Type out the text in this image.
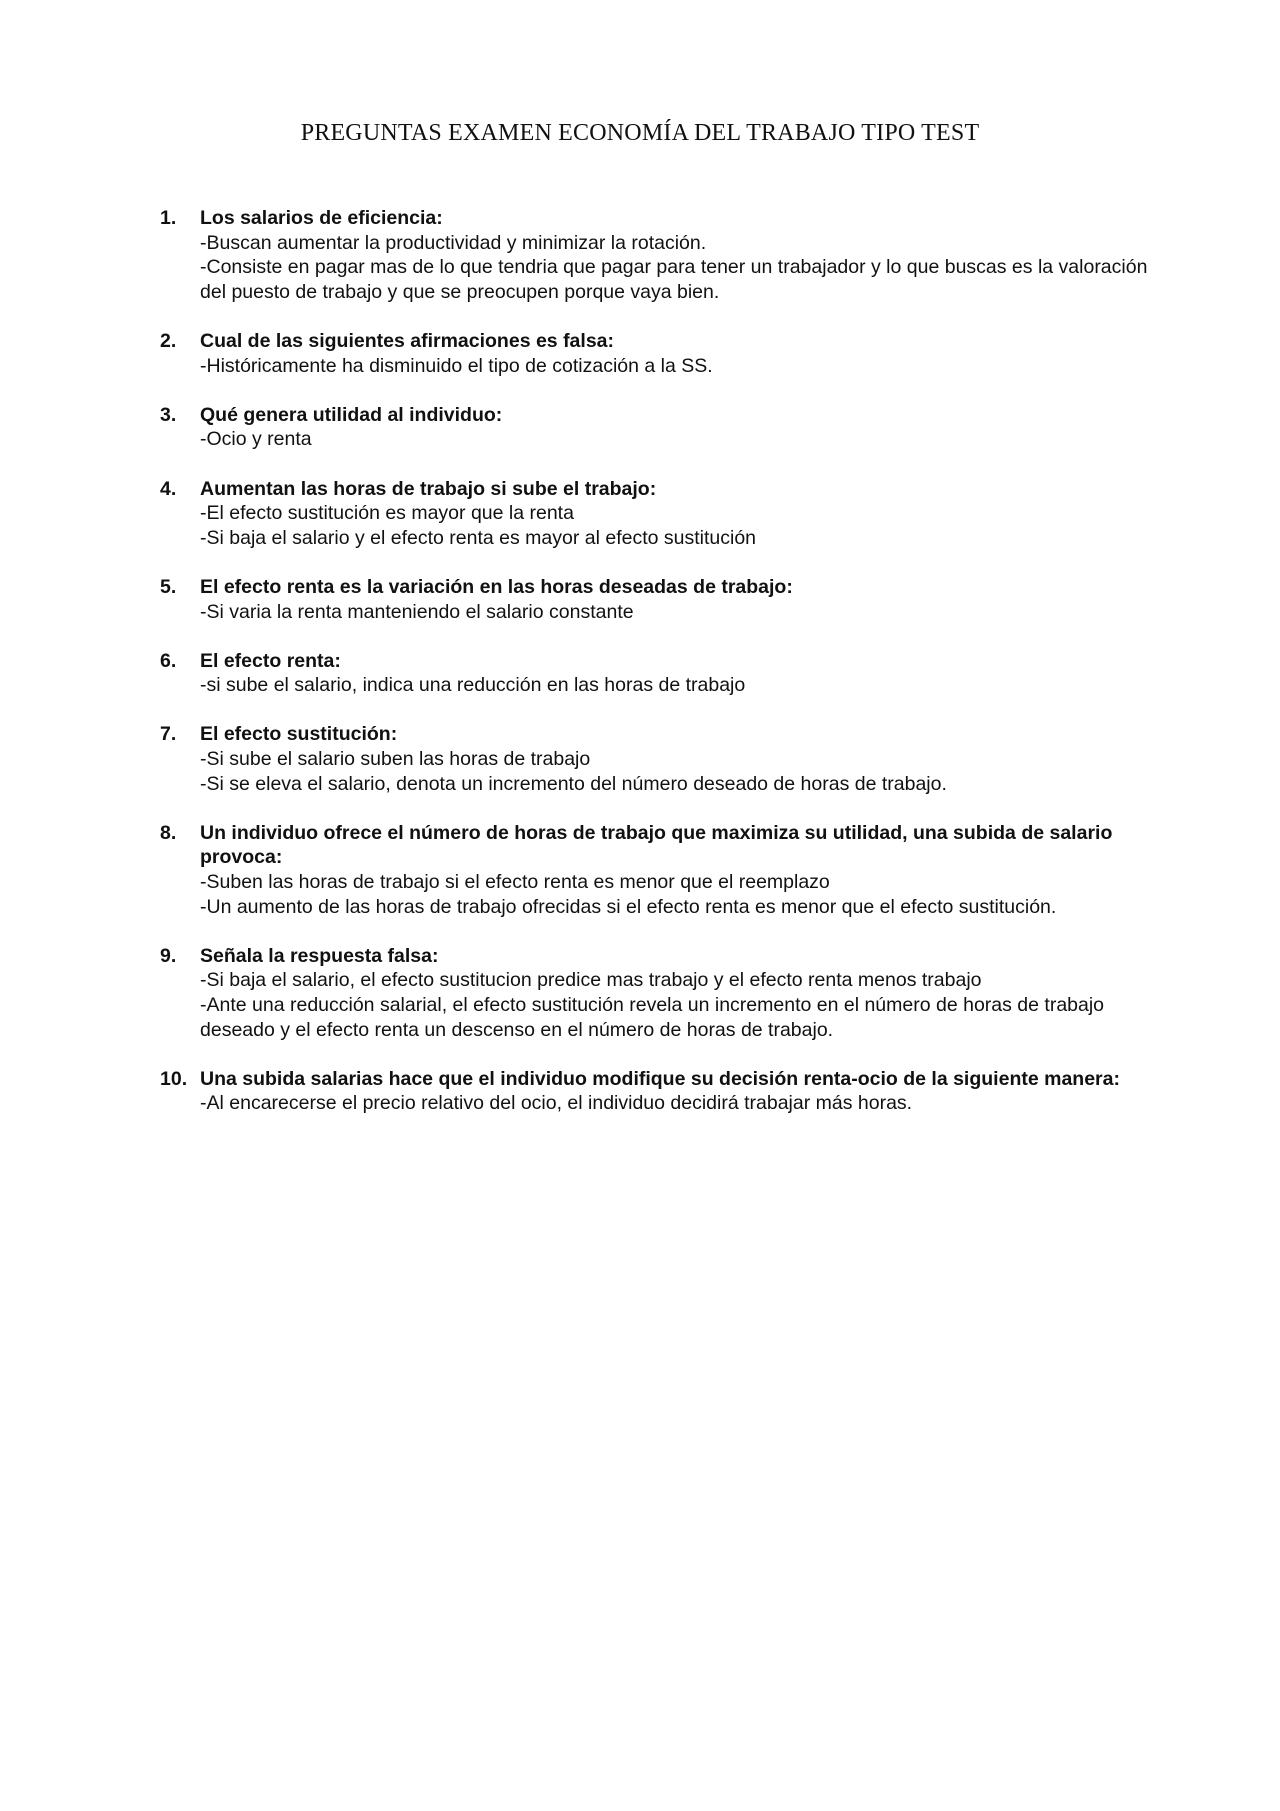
PREGUNTAS EXAMEN ECONOMÍA DEL TRABAJO TIPO TEST
1. Los salarios de eficiencia:
-Buscan aumentar la productividad y minimizar la rotación.
-Consiste en pagar mas de lo que tendria que pagar para tener un trabajador y lo que buscas es la valoración del puesto de trabajo y que se preocupen porque vaya bien.
2. Cual de las siguientes afirmaciones es falsa:
-Históricamente ha disminuido el tipo de cotización a la SS.
3. Qué genera utilidad al individuo:
-Ocio y renta
4. Aumentan las horas de trabajo si sube el trabajo:
-El efecto sustitución es mayor que la renta
-Si baja el salario y el efecto renta es mayor al efecto sustitución
5. El efecto renta es la variación en las horas deseadas de trabajo:
-Si varia la renta manteniendo el salario constante
6. El efecto renta:
-si sube el salario, indica una reducción en las horas de trabajo
7. El efecto sustitución:
-Si sube el salario suben las horas de trabajo
-Si se eleva el salario, denota un incremento del número deseado de horas de trabajo.
8. Un individuo ofrece el número de horas de trabajo que maximiza su utilidad, una subida de salario provoca:
-Suben las horas de trabajo si el efecto renta es menor que el reemplazo
-Un aumento de las horas de trabajo ofrecidas si el efecto renta es menor que el efecto sustitución.
9. Señala la respuesta falsa:
-Si baja el salario, el efecto sustitucion predice mas trabajo y el efecto renta menos trabajo
-Ante una reducción salarial, el efecto sustitución revela un incremento en el número de horas de trabajo deseado y el efecto renta un descenso en el número de horas de trabajo.
10. Una subida salarias hace que el individuo modifique su decisión renta-ocio de la siguiente manera:
-Al encarecerse el precio relativo del ocio, el individuo decidirá trabajar más horas.
